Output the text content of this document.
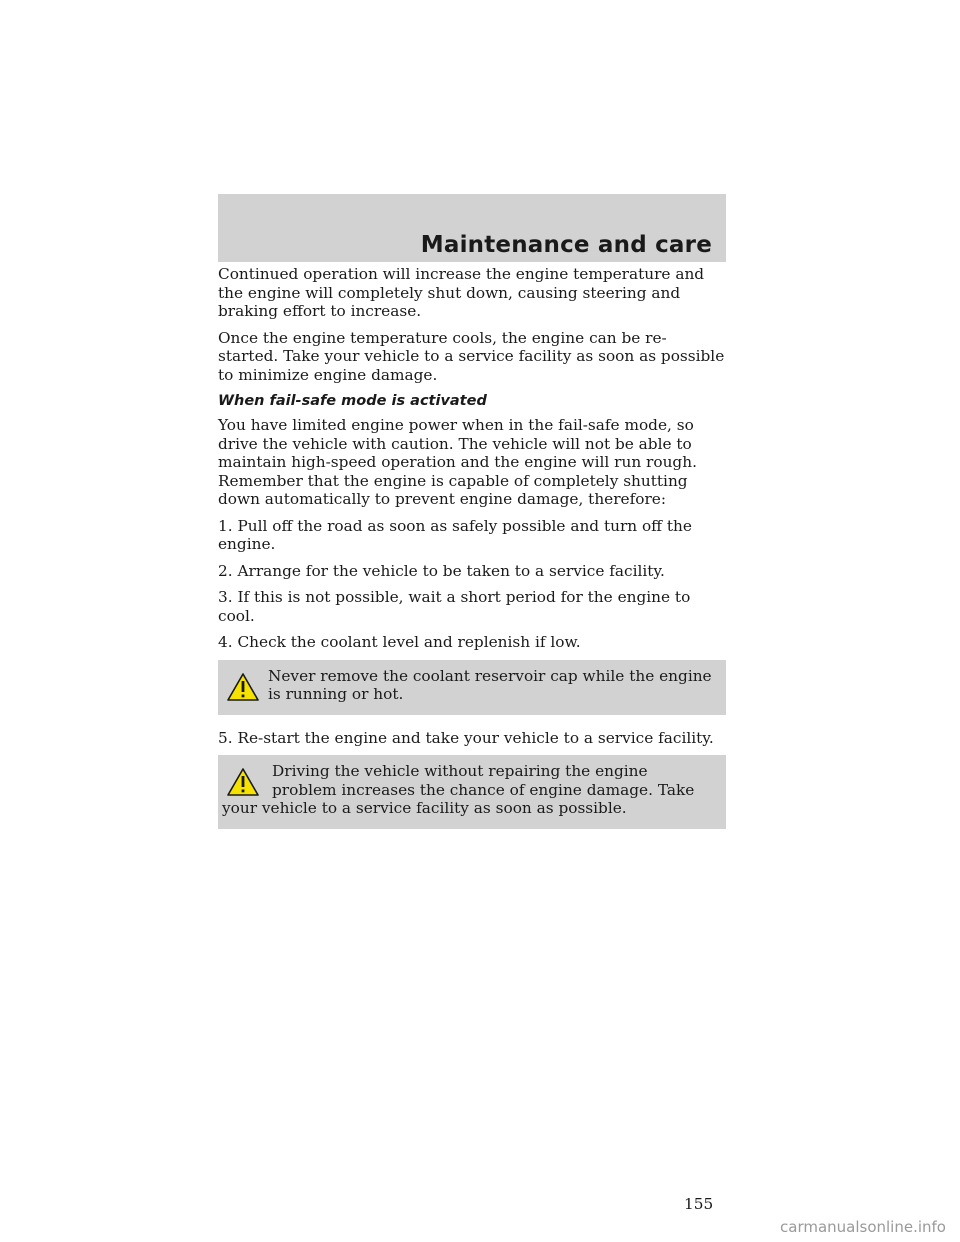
Maintenance and care

Continued operation will increase the engine temperature and the engine will completely shut down, causing steering and braking effort to increase.

Once the engine temperature cools, the engine can be re-started. Take your vehicle to a service facility as soon as possible to minimize engine damage.

When fail-safe mode is activated

You have limited engine power when in the fail-safe mode, so drive the vehicle with caution. The vehicle will not be able to maintain high-speed operation and the engine will run rough. Remember that the engine is capable of completely shutting down automatically to prevent engine damage, therefore:

1. Pull off the road as soon as safely possible and turn off the engine.

2. Arrange for the vehicle to be taken to a service facility.

3. If this is not possible, wait a short period for the engine to cool.

4. Check the coolant level and replenish if low.

Never remove the coolant reservoir cap while the engine is running or hot.

5. Re-start the engine and take your vehicle to a service facility.

Driving the vehicle without repairing the engine problem increases the chance of engine damage. Take your vehicle to a service facility as soon as possible.
155
carmanualsonline.info
